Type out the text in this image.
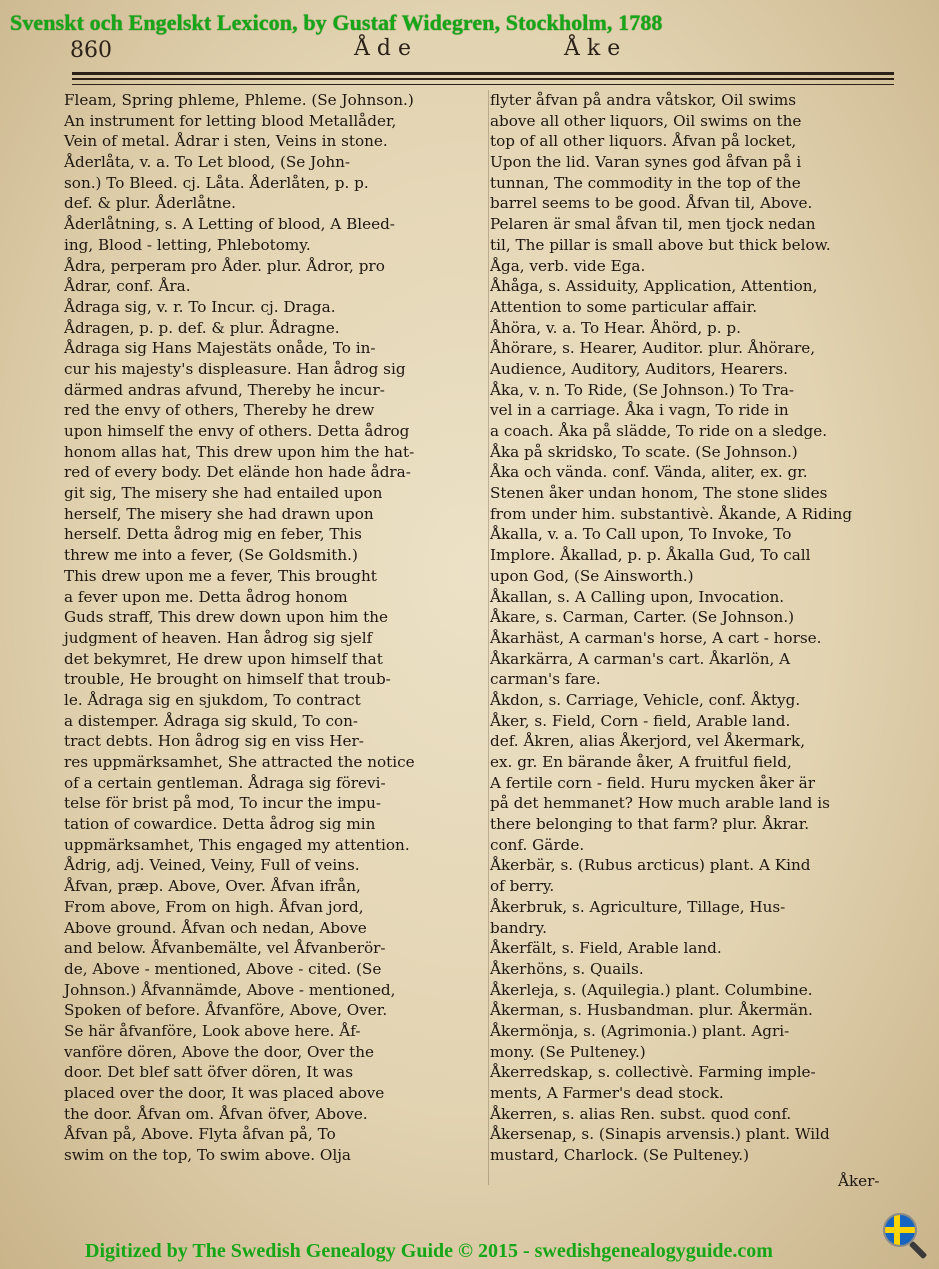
Svenskt och Engelskt Lexicon, by Gustaf Widegren, Stockholm, 1788
860	Åde	Åke
Fleam, Spring phleme, Phleme. (Se Johnson.)
An instrument for letting blood Metallåder,
Vein of metal. Ådrar i sten, Veins in stone.
Åderlåta, v. a. To Let blood, (Se John-
son.) To Bleed. cj. Låta. Åderlåten, p. p.
def. & plur. Åderlåtne.
Åderlåtning, s. A Letting of blood, A Bleed-
ing, Blood - letting, Phlebotomy.
Ådra, perperam pro Åder. plur. Ådror, pro
Ådrar, conf. Åra.
Ådraga sig, v. r. To Incur. cj. Draga.
Ådragen, p. p. def. & plur. Ådragne.
Ådraga sig Hans Majestäts onåde, To in-
cur his majesty's displeasure. Han ådrog sig
därmed andras afvund, Thereby he incur-
red the envy of others, Thereby he drew
upon himself the envy of others. Detta ådrog
honom allas hat, This drew upon him the hat-
red of every body. Det elände hon hade ådra-
git sig, The misery she had entailed upon
herself, The misery she had drawn upon
herself. Detta ådrog mig en feber, This
threw me into a fever, (Se Goldsmith.)
This drew upon me a fever, This brought
a fever upon me. Detta ådrog honom
Guds straff, This drew down upon him the
judgment of heaven. Han ådrog sig sjelf
det bekymret, He drew upon himself that
trouble, He brought on himself that troub-
le. Ådraga sig en sjukdom, To contract
a distemper. Ådraga sig skuld, To con-
tract debts. Hon ådrog sig en viss Her-
res uppmärksamhet, She attracted the notice
of a certain gentleman. Ådraga sig förevi-
telse för brist på mod, To incur the impu-
tation of cowardice. Detta ådrog sig min
uppmärksamhet, This engaged my attention.
Ådrig, adj. Veined, Veiny, Full of veins.
Åfvan, præp. Above, Over. Åfvan ifrån,
From above, From on high. Åfvan jord,
Above ground. Åfvan och nedan, Above
and below. Åfvanbemälte, vel Åfvanberör-
de, Above - mentioned, Above - cited. (Se
Johnson.) Åfvannämde, Above - mentioned,
Spoken of before. Åfvanföre, Above, Over.
Se här åfvanföre, Look above here. Åf-
vanföre dören, Above the door, Over the
door. Det blef satt öfver dören, It was
placed over the door, It was placed above
the door. Åfvan om. Åfvan öfver, Above.
Åfvan på, Above. Flyta åfvan på, To
swim on the top, To swim above. Olja
flyter åfvan på andra våtskor, Oil swims
above all other liquors, Oil swims on the
top of all other liquors. Åfvan på locket,
Upon the lid. Varan synes god åfvan på i
tunnan, The commodity in the top of the
barrel seems to be good. Åfvan til, Above.
Pelaren är smal åfvan til, men tjock nedan
til, The pillar is small above but thick below.
Åga, verb. vide Ega.
Åhåga, s. Assiduity, Application, Attention,
Attention to some particular affair.
Åhöra, v. a. To Hear. Åhörd, p. p.
Åhörare, s. Hearer, Auditor. plur. Åhörare,
Audience, Auditory, Auditors, Hearers.
Åka, v. n. To Ride, (Se Johnson.) To Tra-
vel in a carriage. Åka i vagn, To ride in
a coach. Åka på slädde, To ride on a sledge.
Åka på skridsko, To scate. (Se Johnson.)
Åka och vända. conf. Vända, aliter, ex. gr.
Stenen åker undan honom, The stone slides
from under him. substantivè. Åkande, A Riding
Åkalla, v. a. To Call upon, To Invoke, To
Implore. Åkallad, p. p. Åkalla Gud, To call
upon God, (Se Ainsworth.)
Åkallan, s. A Calling upon, Invocation.
Åkare, s. Carman, Carter. (Se Johnson.)
Åkarhäst, A carman's horse, A cart - horse.
Åkarkärra, A carman's cart. Åkarlön, A
carman's fare.
Åkdon, s. Carriage, Vehicle, conf. Åktyg.
Åker, s. Field, Corn - field, Arable land.
def. Åkren, alias Åkerjord, vel Åkermark,
ex. gr. En bärande åker, A fruitful field,
A fertile corn - field. Huru mycken åker är
på det hemmanet? How much arable land is
there belonging to that farm? plur. Åkrar.
conf. Gärde.
Åkerbär, s. (Rubus arcticus) plant. A Kind
of berry.
Åkerbruk, s. Agriculture, Tillage, Hus-
bandry.
Åkerfält, s. Field, Arable land.
Åkerhöns, s. Quails.
Åkerleja, s. (Aquilegia.) plant. Columbine.
Åkerman, s. Husbandman. plur. Åkermän.
Åkermönja, s. (Agrimonia.) plant. Agri-
mony. (Se Pulteney.)
Åkerredskap, s. collectivè. Farming imple-
ments, A Farmer's dead stock.
Åkerren, s. alias Ren. subst. quod conf.
Åkersenap, s. (Sinapis arvensis.) plant. Wild
mustard, Charlock. (Se Pulteney.)
Åker-
Digitized by The Swedish Genealogy Guide © 2015 - swedishgenealogyguide.com
